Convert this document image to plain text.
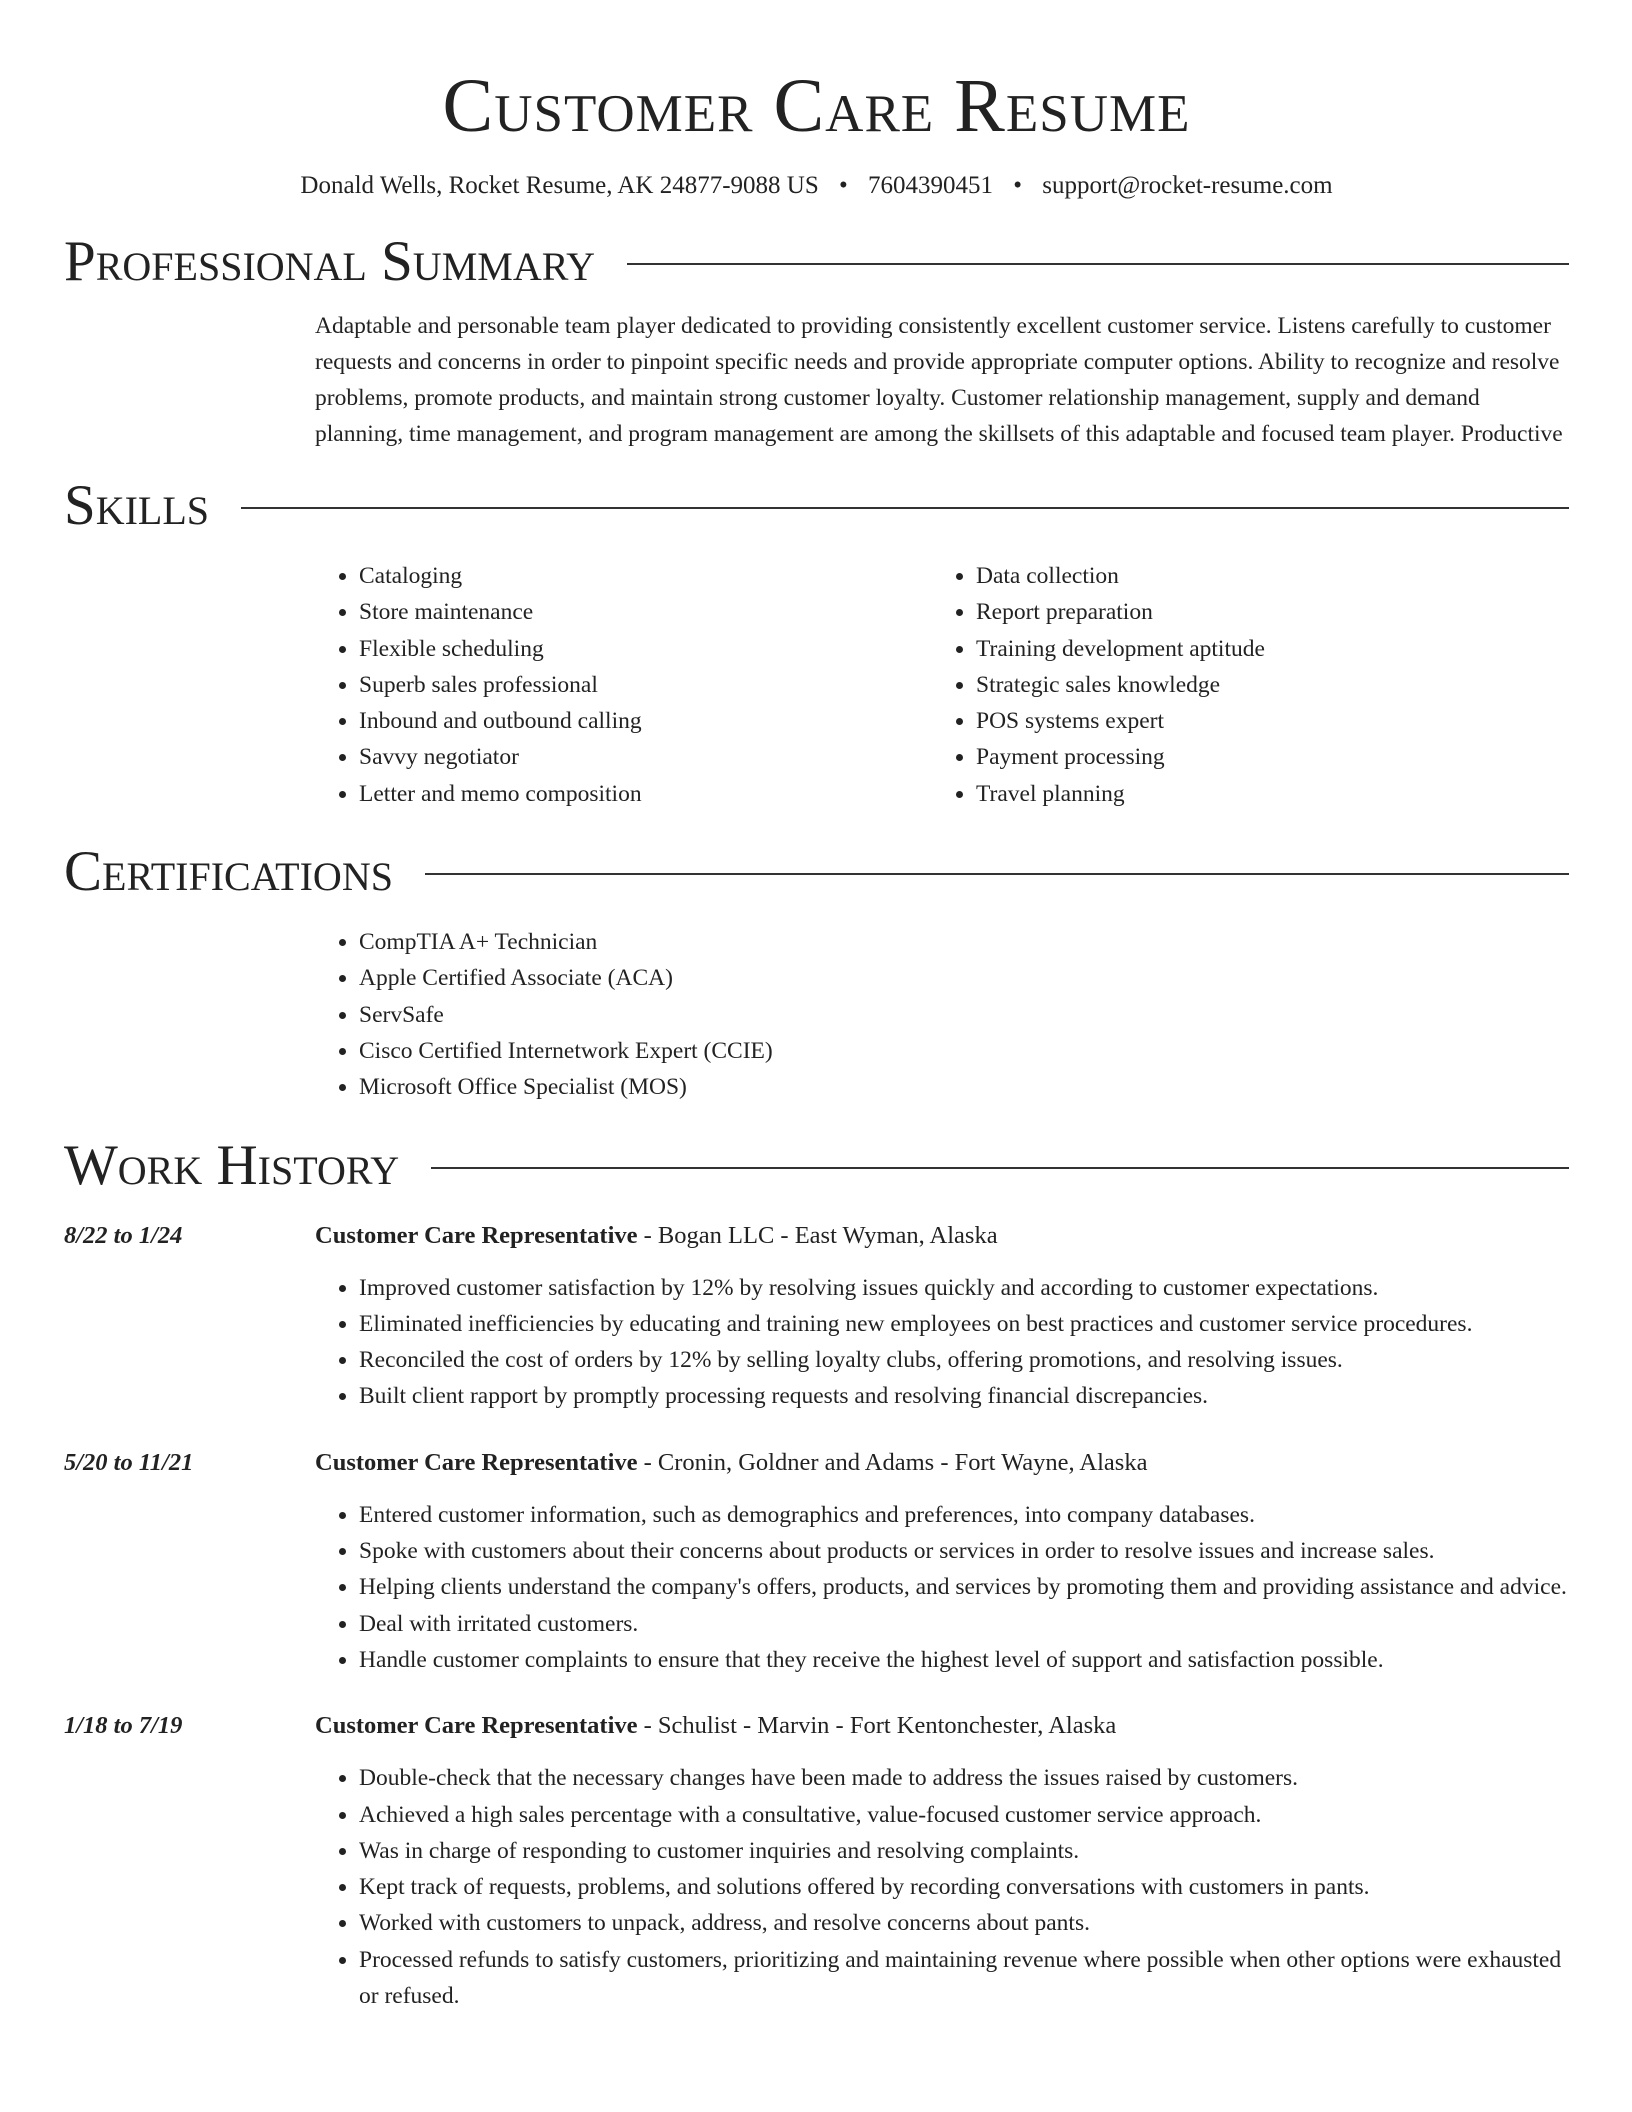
Customer Care Resume
Donald Wells, Rocket Resume, AK 24877-9088 US • 7604390451 • support@rocket-resume.com
Professional Summary

Adaptable and personable team player dedicated to providing consistently excellent customer service. Listens carefully to customer requests and concerns in order to pinpoint specific needs and provide appropriate computer options. Ability to recognize and resolve problems, promote products, and maintain strong customer loyalty. Customer relationship management, supply and demand planning, time management, and program management are among the skillsets of this adaptable and focused team player. Productive

Skills
• Cataloging
• Store maintenance
• Flexible scheduling
• Superb sales professional
• Inbound and outbound calling
• Savvy negotiator
• Letter and memo composition
• Data collection
• Report preparation
• Training development aptitude
• Strategic sales knowledge
• POS systems expert
• Payment processing
• Travel planning
Certifications
• CompTIA A+ Technician
• Apple Certified Associate (ACA)
• ServSafe
• Cisco Certified Internetwork Expert (CCIE)
• Microsoft Office Specialist (MOS)
Work History
8/22 to 1/24	Customer Care Representative - Bogan LLC - East Wyman, Alaska
• Improved customer satisfaction by 12% by resolving issues quickly and according to customer expectations.
• Eliminated inefficiencies by educating and training new employees on best practices and customer service procedures.
• Reconciled the cost of orders by 12% by selling loyalty clubs, offering promotions, and resolving issues.
• Built client rapport by promptly processing requests and resolving financial discrepancies.
5/20 to 11/21	Customer Care Representative - Cronin, Goldner and Adams - Fort Wayne, Alaska
• Entered customer information, such as demographics and preferences, into company databases.
• Spoke with customers about their concerns about products or services in order to resolve issues and increase sales.
• Helping clients understand the company's offers, products, and services by promoting them and providing assistance and advice.
• Deal with irritated customers.
• Handle customer complaints to ensure that they receive the highest level of support and satisfaction possible.
1/18 to 7/19	Customer Care Representative - Schulist - Marvin - Fort Kentonchester, Alaska
• Double-check that the necessary changes have been made to address the issues raised by customers.
• Achieved a high sales percentage with a consultative, value-focused customer service approach.
• Was in charge of responding to customer inquiries and resolving complaints.
• Kept track of requests, problems, and solutions offered by recording conversations with customers in pants.
• Worked with customers to unpack, address, and resolve concerns about pants.
• Processed refunds to satisfy customers, prioritizing and maintaining revenue where possible when other options were exhausted or refused.
